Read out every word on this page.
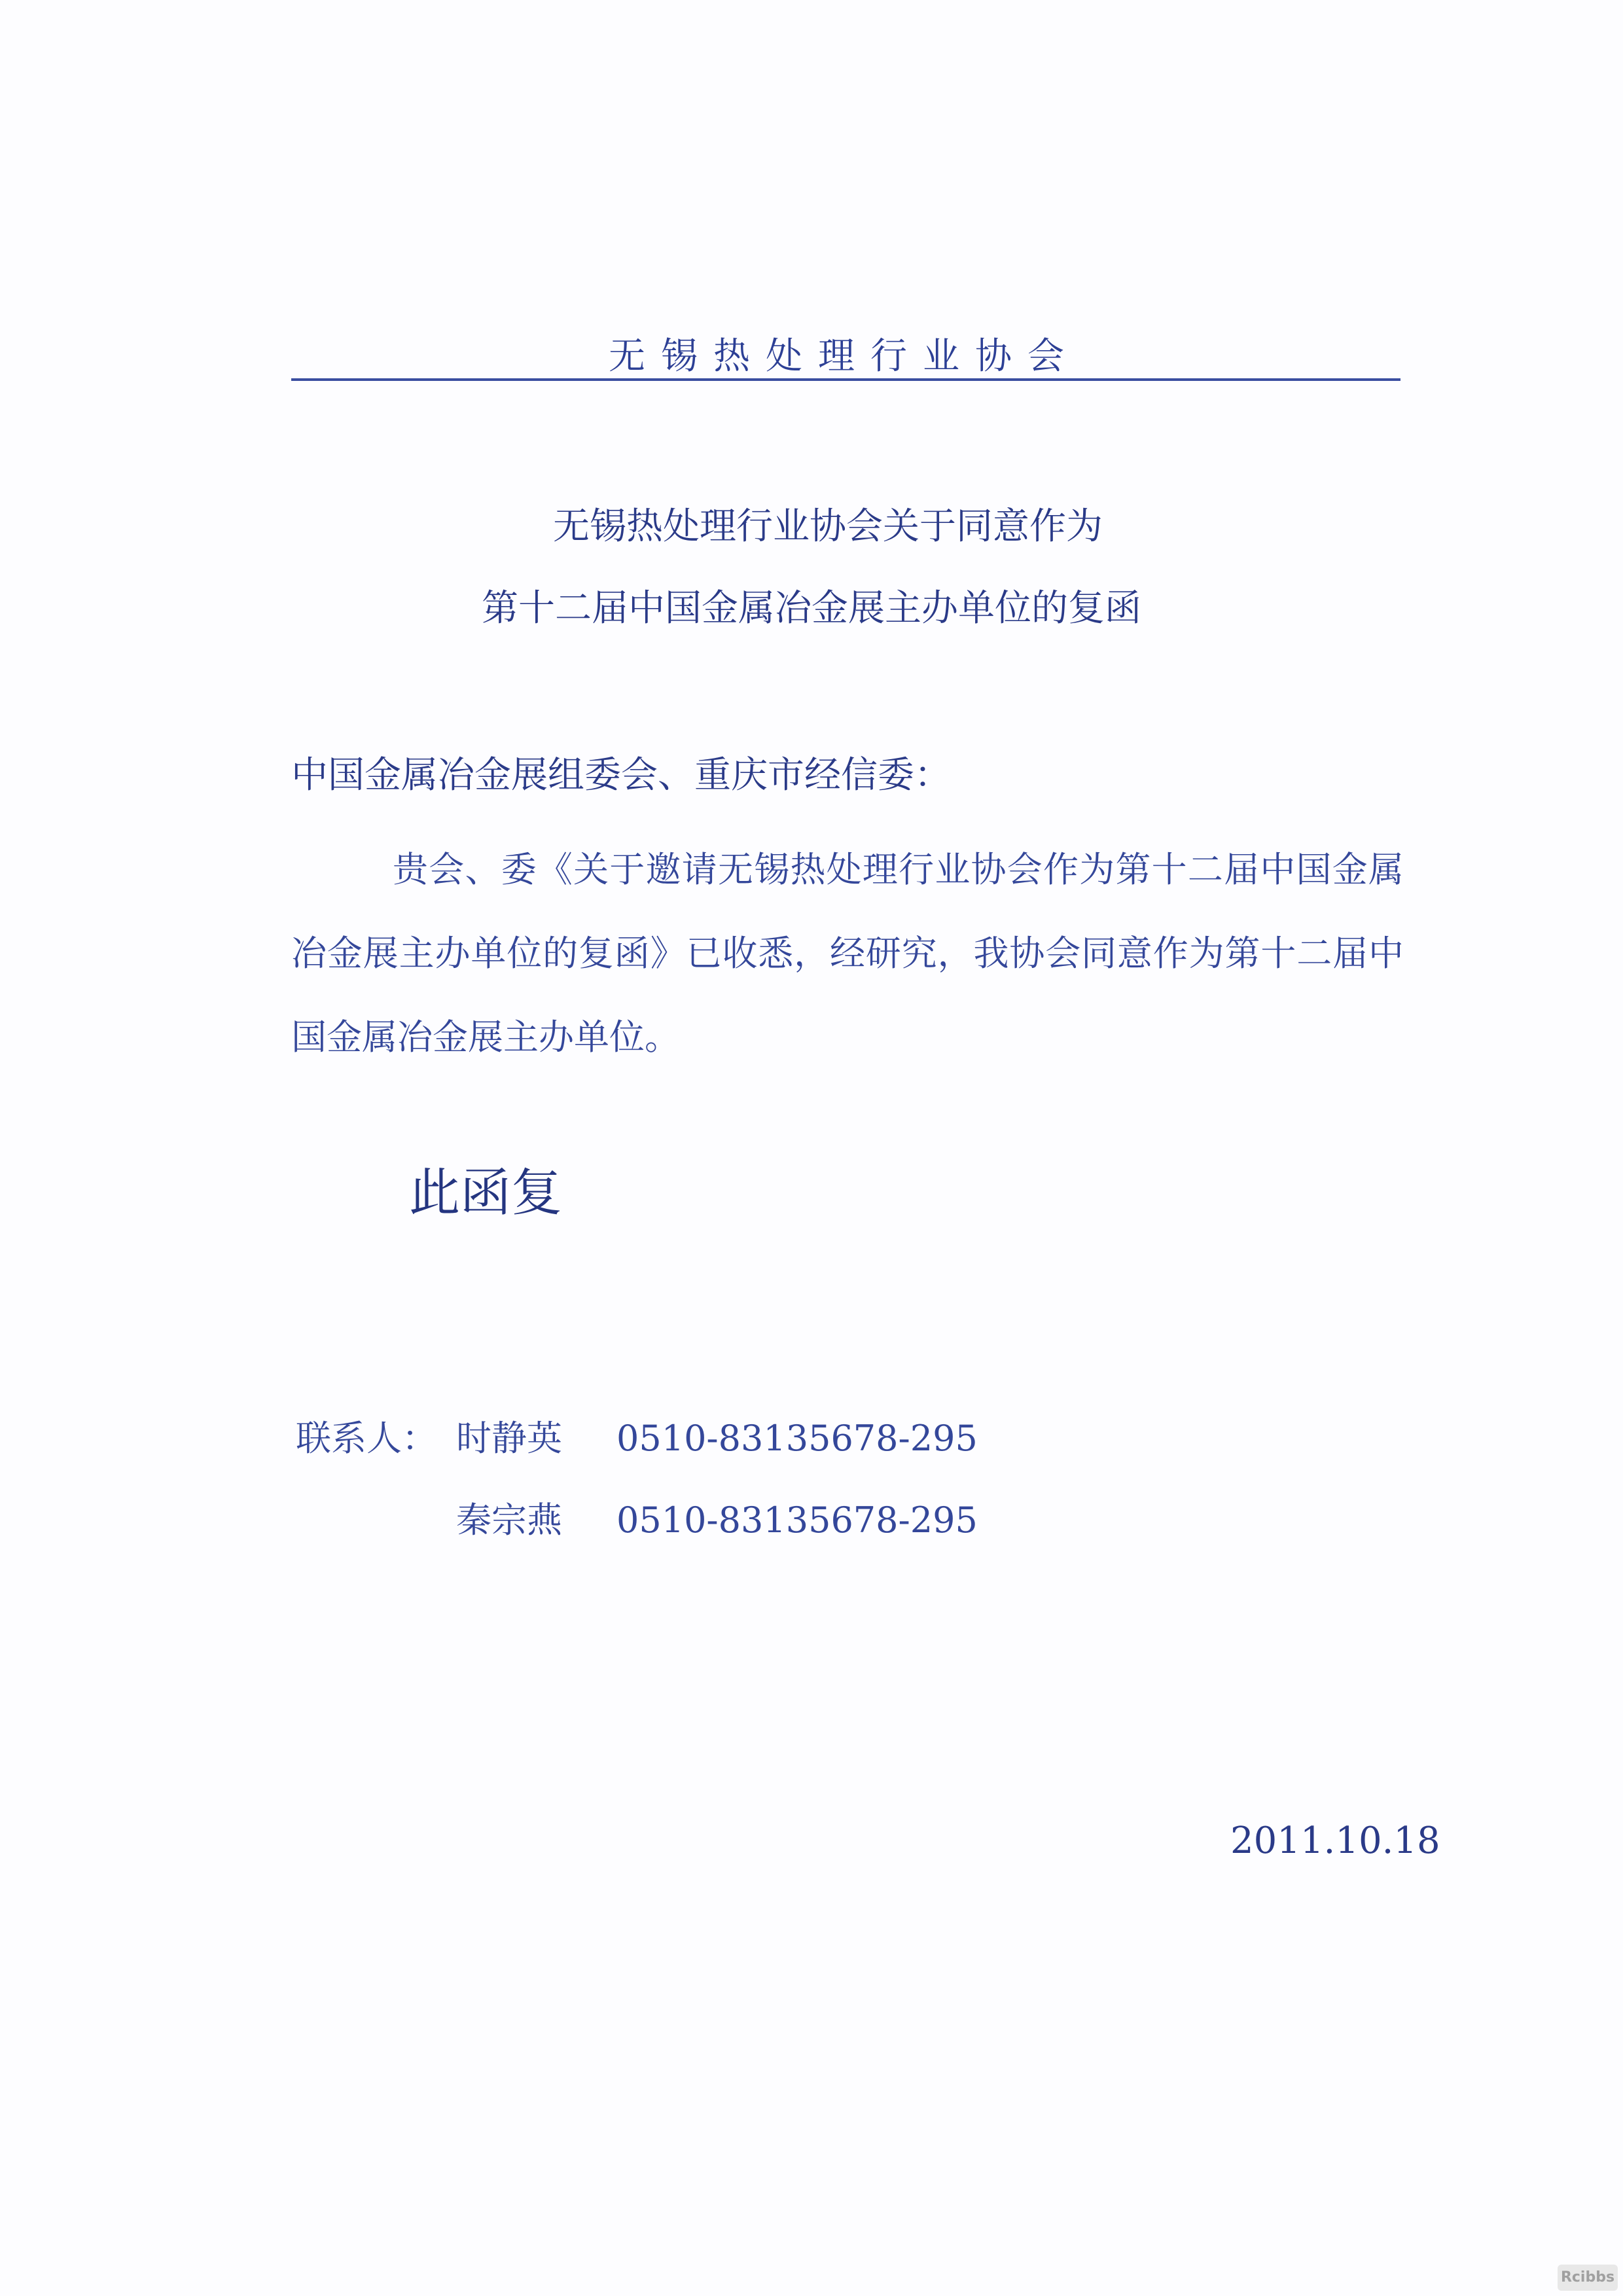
无锡热处理行业协会
无锡热处理行业协会关于同意作为
第十二届中国金属冶金展主办单位的复函
中国金属冶金展组委会、重庆市经信委：
贵会、委《关于邀请无锡热处理行业协会作为第十二届中国金属冶金展主办单位的复函》已收悉，经研究，我协会同意作为第十二届中国金属冶金展主办单位。
此函复
联系人： 时静英 0510-83135678-295
秦宗燕 0510-83135678-295
2011.10.18
Rcibbs
